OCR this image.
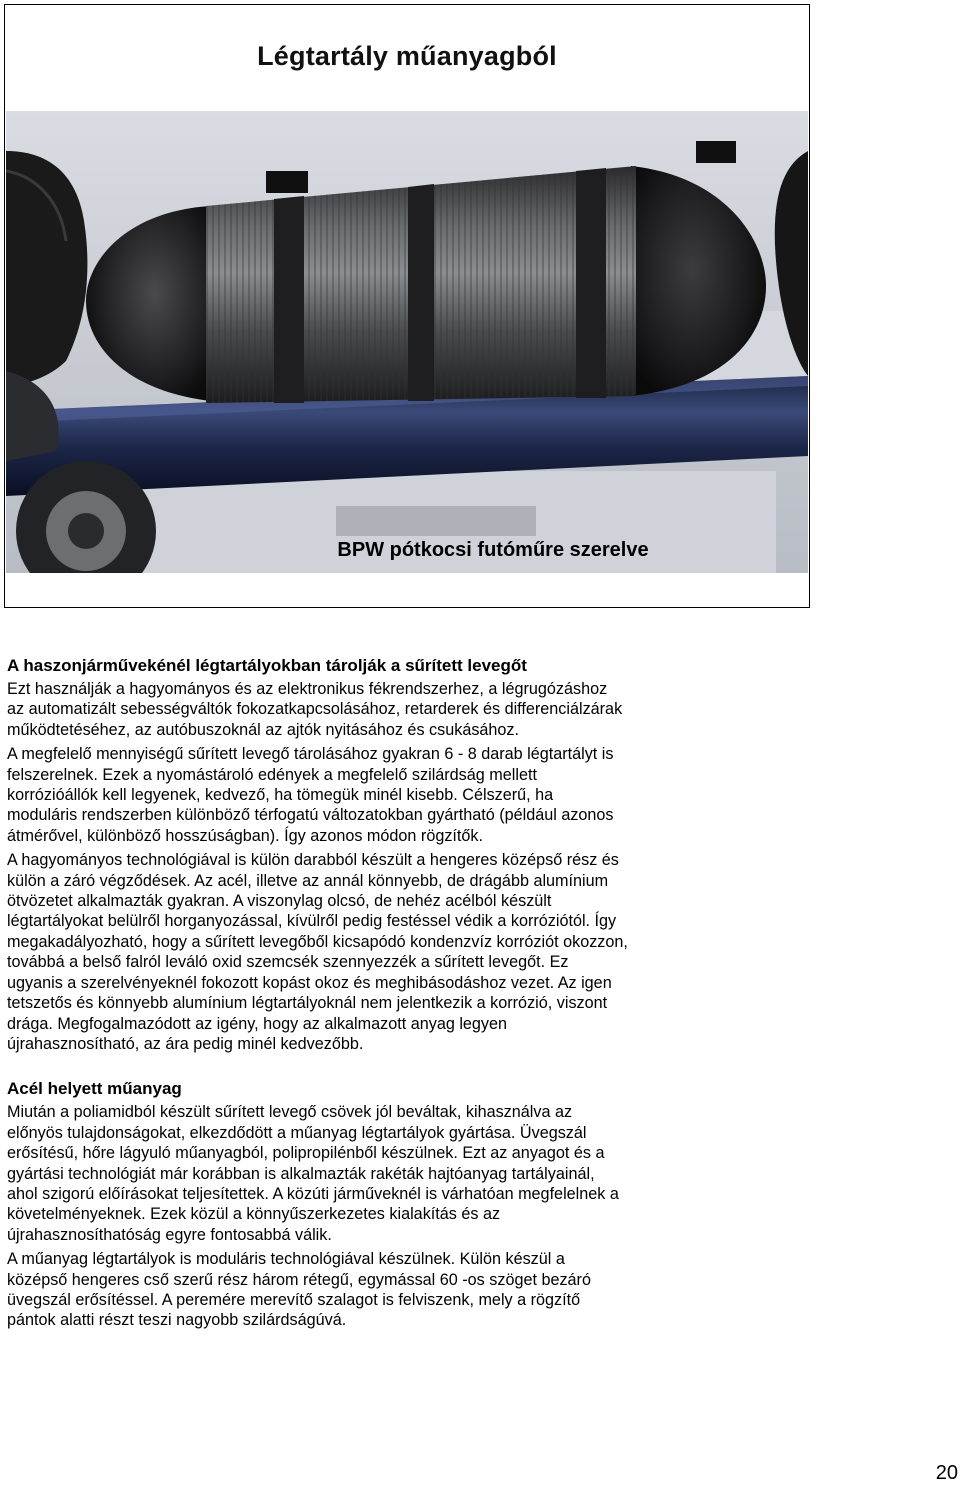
Légtartály műanyagból
BPW pótkocsi futóműre szerelve
A haszonjárművekénél légtartályokban tárolják a sűrített levegőt

Ezt használják a hagyományos és az elektronikus fékrendszerhez, a légrugózáshoz
az automatizált sebességváltók fokozatkapcsolásához, retarderek és differenciálzárak
működtetéséhez, az autóbuszoknál az ajtók nyitásához és csukásához.

A megfelelő mennyiségű sűrített levegő tárolásához gyakran 6 - 8 darab légtartályt is
felszerelnek. Ezek a nyomástároló edények a megfelelő szilárdság mellett
korrózióállók kell legyenek, kedvező, ha tömegük minél kisebb. Célszerű, ha
moduláris rendszerben különböző térfogatú változatokban gyártható (például azonos
átmérővel, különböző hosszúságban). Így azonos módon rögzítők.

A hagyományos technológiával is külön darabból készült a hengeres középső rész és
külön a záró végződések. Az acél, illetve az annál könnyebb, de drágább alumínium
ötvözetet alkalmazták gyakran. A viszonylag olcsó, de nehéz acélból készült
légtartályokat belülről horganyozással, kívülről pedig festéssel védik a korróziótól. Így
megakadályozható, hogy a sűrített levegőből kicsapódó kondenzvíz korróziót okozzon,
továbbá a belső falról leváló oxid szemcsék szennyezzék a sűrített levegőt. Ez
ugyanis a szerelvényeknél fokozott kopást okoz és meghibásodáshoz vezet. Az igen
tetszetős és könnyebb alumínium légtartályoknál nem jelentkezik a korrózió, viszont
drága. Megfogalmazódott az igény, hogy az alkalmazott anyag legyen
újrahasznosítható, az ára pedig minél kedvezőbb.

Acél helyett műanyag

Miután a poliamidból készült sűrített levegő csövek jól beváltak, kihasználva az
előnyös tulajdonságokat, elkezdődött a műanyag légtartályok gyártása. Üvegszál
erősítésű, hőre lágyuló műanyagból, polipropilénből készülnek. Ezt az anyagot és a
gyártási technológiát már korábban is alkalmazták rakéták hajtóanyag tartályainál,
ahol szigorú előírásokat teljesítettek. A közúti járműveknél is várhatóan megfelelnek a
követelményeknek. Ezek közül a könnyűszerkezetes kialakítás és az
újrahasznosíthatóság egyre fontosabbá válik.

A műanyag légtartályok is moduláris technológiával készülnek. Külön készül a
középső hengeres cső szerű rész három rétegű, egymással 60 -os szöget bezáró
üvegszál erősítéssel. A peremére merevítő szalagot is felviszenk, mely a rögzítő
pántok alatti részt teszi nagyobb szilárdságúvá.

20
